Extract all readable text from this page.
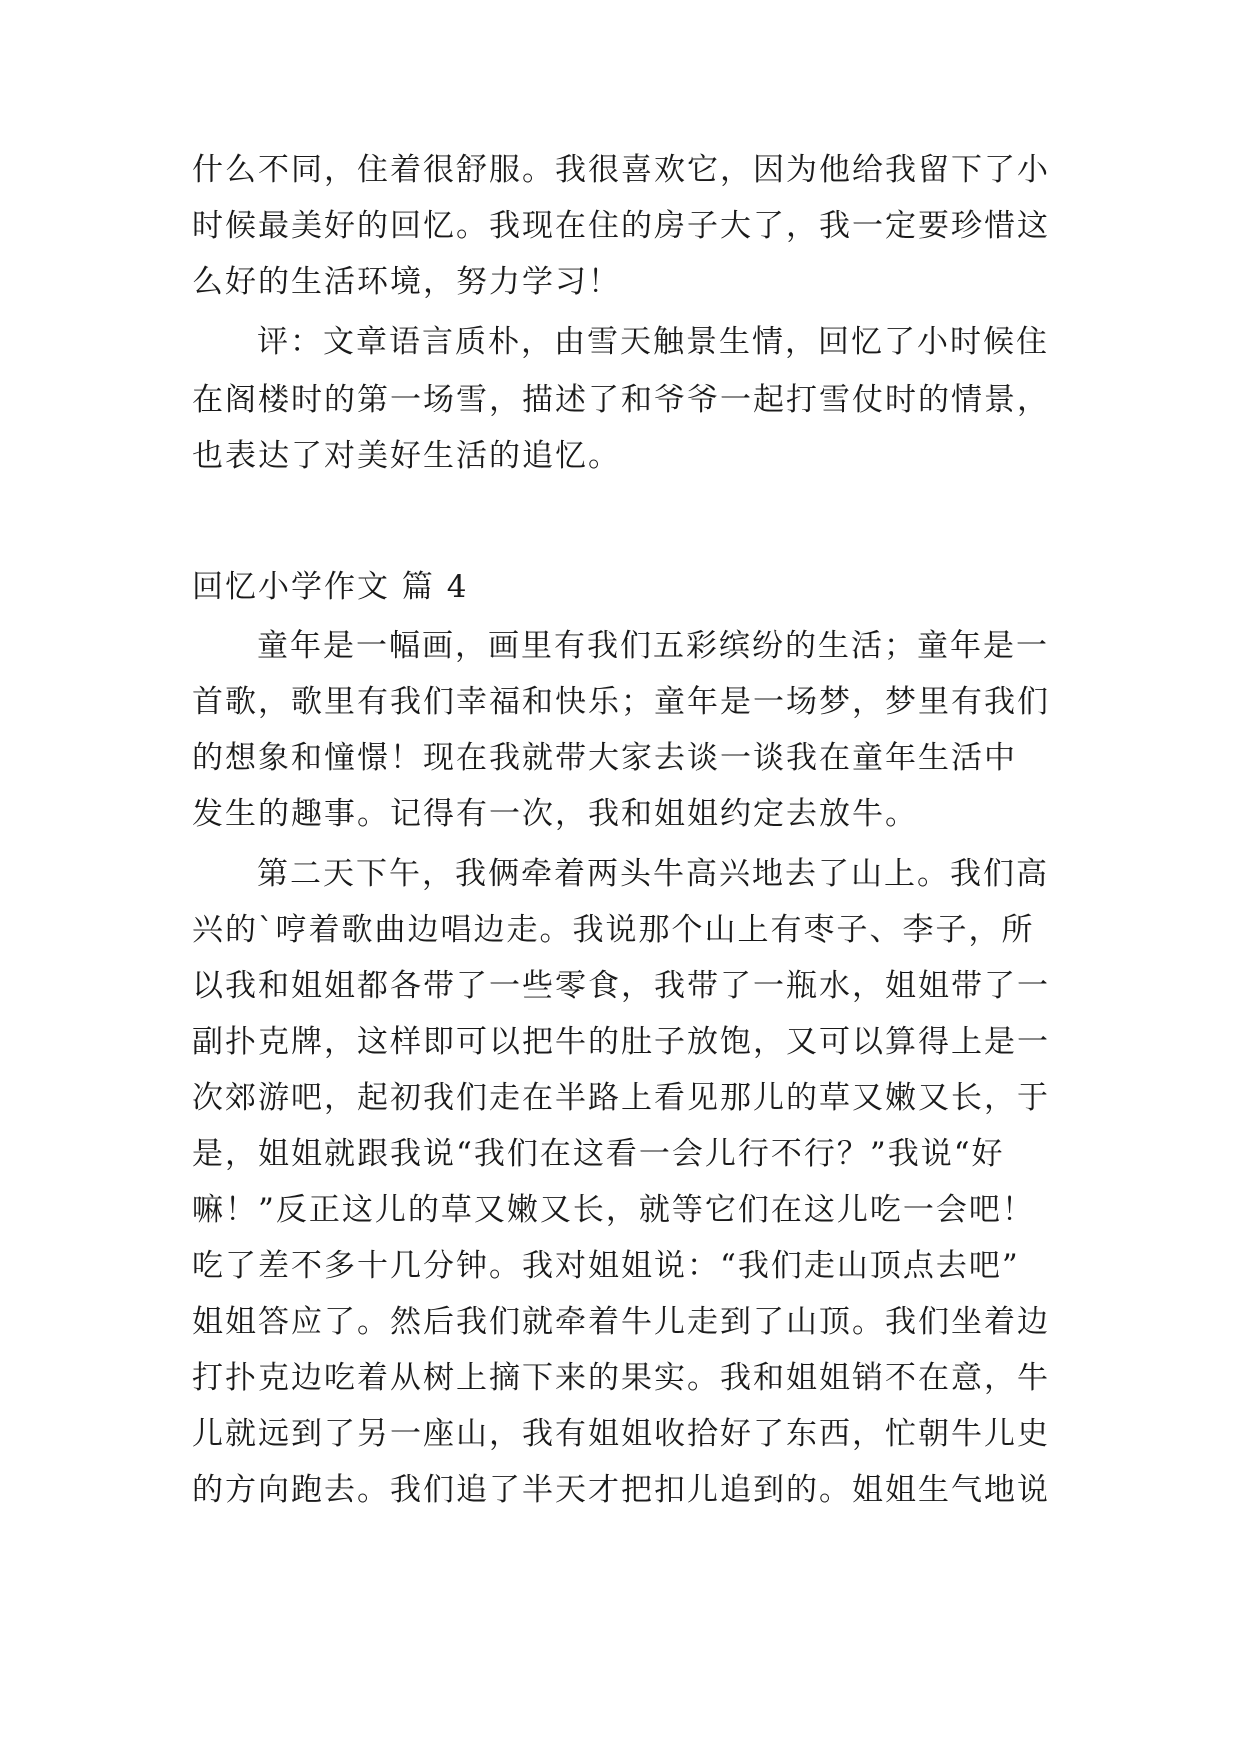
什么不同，住着很舒服。我很喜欢它，因为他给我留下了小
时候最美好的回忆。我现在住的房子大了，我一定要珍惜这
么好的生活环境，努力学习！
评：文章语言质朴，由雪天触景生情，回忆了小时候住
在阁楼时的第一场雪，描述了和爷爷一起打雪仗时的情景，
也表达了对美好生活的追忆。
回忆小学作文 篇 4
童年是一幅画，画里有我们五彩缤纷的生活；童年是一
首歌，歌里有我们幸福和快乐；童年是一场梦，梦里有我们
的想象和憧憬！现在我就带大家去谈一谈我在童年生活中
发生的趣事。记得有一次，我和姐姐约定去放牛。
第二天下午，我俩牵着两头牛高兴地去了山上。我们高
兴的`哼着歌曲边唱边走。我说那个山上有枣子、李子，所
以我和姐姐都各带了一些零食，我带了一瓶水，姐姐带了一
副扑克牌，这样即可以把牛的肚子放饱，又可以算得上是一
次郊游吧，起初我们走在半路上看见那儿的草又嫩又长，于
是，姐姐就跟我说“我们在这看一会儿行不行？”我说“好
嘛！”反正这儿的草又嫩又长，就等它们在这儿吃一会吧！
吃了差不多十几分钟。我对姐姐说：“我们走山顶点去吧”
姐姐答应了。然后我们就牵着牛儿走到了山顶。我们坐着边
打扑克边吃着从树上摘下来的果实。我和姐姐销不在意，牛
儿就远到了另一座山，我有姐姐收拾好了东西，忙朝牛儿史
的方向跑去。我们追了半天才把扣儿追到的。姐姐生气地说
